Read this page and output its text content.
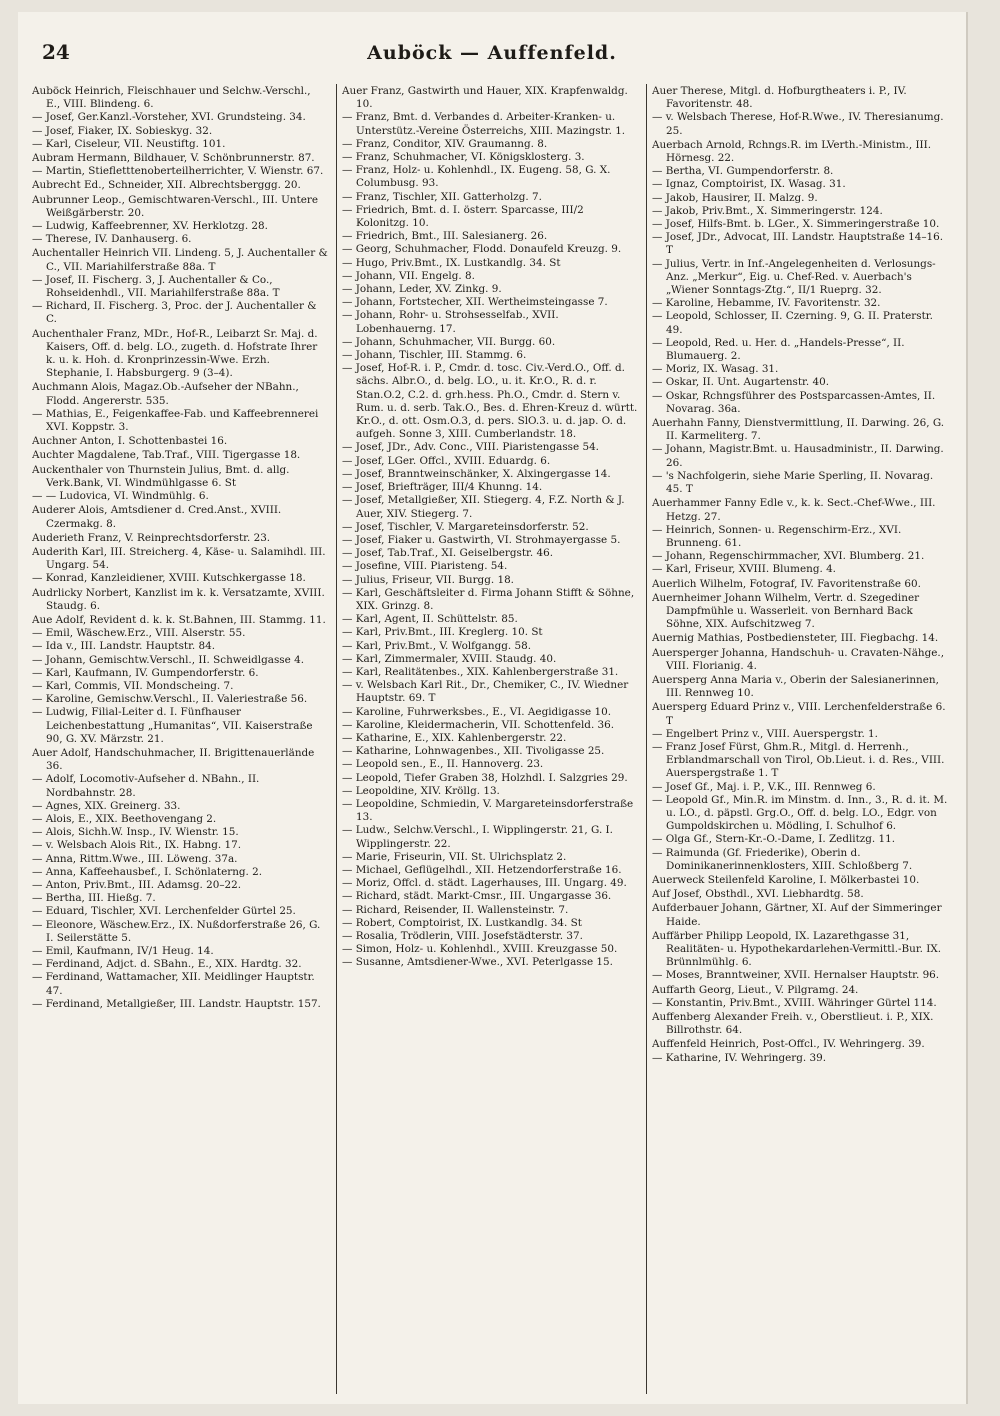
24	Auböck — Auffenfeld.

Auböck Heinrich, Fleischhauer und Selchw.-Verschl., E., VIII. Blindeng. 6.

— Josef, Ger.Kanzl.-Vorsteher, XVI. Grundsteing. 34.

— Josef, Fiaker, IX. Sobieskyg. 32.

— Karl, Ciseleur, VII. Neustiftg. 101.

Aubram Hermann, Bildhauer, V. Schönbrunnerstr. 87.

— Martin, Stiefletttenoberteilherrichter, V. Wienstr. 67.

Aubrecht Ed., Schneider, XII. Albrechtsberggg. 20.

Aubrunner Leop., Gemischtwaren-Verschl., III. Untere Weißgärberstr. 20.

— Ludwig, Kaffeebrenner, XV. Herklotzg. 28.

— Therese, IV. Danhauserg. 6.

Auchentaller Heinrich VII. Lindeng. 5, J. Auchentaller & C., VII. Mariahilferstraße 88a. T

— Josef, II. Fischerg. 3, J. Auchentaller & Co., Rohseidenhdl., VII. Mariahilferstraße 88a. T

— Richard, II. Fischerg. 3, Proc. der J. Auchentaller & C.

Auchenthaler Franz, MDr., Hof-R., Leibarzt Sr. Maj. d. Kaisers, Off. d. belg. LO., zugeth. d. Hofstrate Ihrer k. u. k. Hoh. d. Kronprinzessin-Wwe. Erzh. Stephanie, I. Habsburgerg. 9 (3–4).

Auchmann Alois, Magaz.Ob.-Aufseher der NBahn., Flodd. Angererstr. 535.

— Mathias, E., Feigenkaffee-Fab. und Kaffeebrennerei XVI. Koppstr. 3.

Auchner Anton, I. Schottenbastei 16.

Auchter Magdalene, Tab.Traf., VIII. Tigergasse 18.

Auckenthaler von Thurnstein Julius, Bmt. d. allg. Verk.Bank, VI. Windmühlgasse 6. St

— — Ludovica, VI. Windmühlg. 6.

Auderer Alois, Amtsdiener d. Cred.Anst., XVIII. Czermakg. 8.

Auderieth Franz, V. Reinprechtsdorferstr. 23.

Auderith Karl, III. Streicherg. 4, Käse- u. Salamihdl. III. Ungarg. 54.

— Konrad, Kanzleidiener, XVIII. Kutschkergasse 18.

Audrlicky Norbert, Kanzlist im k. k. Versatzamte, XVIII. Staudg. 6.

Aue Adolf, Revident d. k. k. St.Bahnen, III. Stammg. 11.

— Emil, Wäschew.Erz., VIII. Alserstr. 55.

— Ida v., III. Landstr. Hauptstr. 84.

— Johann, Gemischtw.Verschl., II. Schweidlgasse 4.

— Karl, Kaufmann, IV. Gumpendorferstr. 6.

— Karl, Commis, VII. Mondscheing. 7.

— Karoline, Gemischw.Verschl., II. Valeriestraße 56.

— Ludwig, Filial-Leiter d. I. Fünfhauser Leichenbestattung „Humanitas“, VII. Kaiserstraße 90, G. XV. Märzstr. 21.

Auer Adolf, Handschuhmacher, II. Brigittenauerlände 36.

— Adolf, Locomotiv-Aufseher d. NBahn., II. Nordbahnstr. 28.

— Agnes, XIX. Greinerg. 33.

— Alois, E., XIX. Beethovengang 2.

— Alois, Sichh.W. Insp., IV. Wienstr. 15.

— v. Welsbach Alois Rit., IX. Habng. 17.

— Anna, Rittm.Wwe., III. Löweng. 37a.

— Anna, Kaffeehausbef., I. Schönlaterng. 2.

— Anton, Priv.Bmt., III. Adamsg. 20–22.

— Bertha, III. Hießg. 7.

— Eduard, Tischler, XVI. Lerchenfelder Gürtel 25.

— Eleonore, Wäschew.Erz., IX. Nußdorferstraße 26, G. I. Seilerstätte 5.

— Emil, Kaufmann, IV/1 Heug. 14.

— Ferdinand, Adjct. d. SBahn., E., XIX. Hardtg. 32.

— Ferdinand, Wattamacher, XII. Meidlinger Hauptstr. 47.

— Ferdinand, Metallgießer, III. Landstr. Hauptstr. 157.

Auer Franz, Gastwirth und Hauer, XIX. Krapfenwaldg. 10.

— Franz, Bmt. d. Verbandes d. Arbeiter-Kranken- u. Unterstütz.-Vereine Österreichs, XIII. Mazingstr. 1.

— Franz, Conditor, XIV. Graumanng. 8.

— Franz, Schuhmacher, VI. Königsklosterg. 3.

— Franz, Holz- u. Kohlenhdl., IX. Eugeng. 58, G. X. Columbusg. 93.

— Franz, Tischler, XII. Gatterholzg. 7.

— Friedrich, Bmt. d. I. österr. Sparcasse, III/2 Kolonitzg. 10.

— Friedrich, Bmt., III. Salesianerg. 26.

— Georg, Schuhmacher, Flodd. Donaufeld Kreuzg. 9.

— Hugo, Priv.Bmt., IX. Lustkandlg. 34. St

— Johann, VII. Engelg. 8.

— Johann, Leder, XV. Zinkg. 9.

— Johann, Fortstecher, XII. Wertheimsteingasse 7.

— Johann, Rohr- u. Strohsesselfab., XVII. Lobenhauerng. 17.

— Johann, Schuhmacher, VII. Burgg. 60.

— Johann, Tischler, III. Stammg. 6.

— Josef, Hof-R. i. P., Cmdr. d. tosc. Civ.-Verd.O., Off. d. sächs. Albr.O., d. belg. LO., u. it. Kr.O., R. d. r. Stan.O.2, C.2. d. grh.hess. Ph.O., Cmdr. d. Stern v. Rum. u. d. serb. Tak.O., Bes. d. Ehren-Kreuz d. württ. Kr.O., d. ott. Osm.O.3, d. pers. SlO.3. u. d. jap. O. d. aufgeh. Sonne 3, XIII. Cumberlandstr. 18.

— Josef, JDr., Adv. Conc., VIII. Piaristengasse 54.

— Josef, LGer. Offcl., XVIII. Eduardg. 6.

— Josef, Branntweinschänker, X. Alxingergasse 14.

— Josef, Briefträger, III/4 Khunng. 14.

— Josef, Metallgießer, XII. Stiegerg. 4, F.Z. North & J. Auer, XIV. Stiegerg. 7.

— Josef, Tischler, V. Margareteinsdorferstr. 52.

— Josef, Fiaker u. Gastwirth, VI. Strohmayergasse 5.

— Josef, Tab.Traf., XI. Geiselbergstr. 46.

— Josefine, VIII. Piaristeng. 54.

— Julius, Friseur, VII. Burgg. 18.

— Karl, Geschäftsleiter d. Firma Johann Stifft & Söhne, XIX. Grinzg. 8.

— Karl, Agent, II. Schüttelstr. 85.

— Karl, Priv.Bmt., III. Kreglerg. 10. St

— Karl, Priv.Bmt., V. Wolfgangg. 58.

— Karl, Zimmermaler, XVIII. Staudg. 40.

— Karl, Realitätenbes., XIX. Kahlenbergerstraße 31.

— v. Welsbach Karl Rit., Dr., Chemiker, C., IV. Wiedner Hauptstr. 69. T

— Karoline, Fuhrwerksbes., E., VI. Aegidigasse 10.

— Karoline, Kleidermacherin, VII. Schottenfeld. 36.

— Katharine, E., XIX. Kahlenbergerstr. 22.

— Katharine, Lohnwagenbes., XII. Tivoligasse 25.

— Leopold sen., E., II. Hannoverg. 23.

— Leopold, Tiefer Graben 38, Holzhdl. I. Salzgries 29.

— Leopoldine, XIV. Kröllg. 13.

— Leopoldine, Schmiedin, V. Margareteinsdorferstraße 13.

— Ludw., Selchw.Verschl., I. Wipplingerstr. 21, G. I. Wipplingerstr. 22.

— Marie, Friseurin, VII. St. Ulrichsplatz 2.

— Michael, Geflügelhdl., XII. Hetzendorferstraße 16.

— Moriz, Offcl. d. städt. Lagerhauses, III. Ungarg. 49.

— Richard, städt. Markt-Cmsr., III. Ungargasse 36.

— Richard, Reisender, II. Wallensteinstr. 7.

— Robert, Comptoirist, IX. Lustkandlg. 34. St

— Rosalia, Trödlerin, VIII. Josefstädterstr. 37.

— Simon, Holz- u. Kohlenhdl., XVIII. Kreuzgasse 50.

— Susanne, Amtsdiener-Wwe., XVI. Peterlgasse 15.

Auer Therese, Mitgl. d. Hofburgtheaters i. P., IV. Favoritenstr. 48.

— v. Welsbach Therese, Hof-R.Wwe., IV. Theresianumg. 25.

Auerbach Arnold, Rchngs.R. im LVerth.-Ministm., III. Hörnesg. 22.

— Bertha, VI. Gumpendorferstr. 8.

— Ignaz, Comptoirist, IX. Wasag. 31.

— Jakob, Hausirer, II. Malzg. 9.

— Jakob, Priv.Bmt., X. Simmeringerstr. 124.

— Josef, Hilfs-Bmt. b. LGer., X. Simmeringerstraße 10.

— Josef, JDr., Advocat, III. Landstr. Hauptstraße 14–16. T

— Julius, Vertr. in Inf.-Angelegenheiten d. Verlosungs-Anz. „Merkur“, Eig. u. Chef-Red. v. Auerbach's „Wiener Sonntags-Ztg.“, II/1 Rueprg. 32.

— Karoline, Hebamme, IV. Favoritenstr. 32.

— Leopold, Schlosser, II. Czerning. 9, G. II. Praterstr. 49.

— Leopold, Red. u. Her. d. „Handels-Presse“, II. Blumauerg. 2.

— Moriz, IX. Wasag. 31.

— Oskar, II. Unt. Augartenstr. 40.

— Oskar, Rchngsführer des Postsparcassen-Amtes, II. Novarag. 36a.

Auerhahn Fanny, Dienstvermittlung, II. Darwing. 26, G. II. Karmeliterg. 7.

— Johann, Magistr.Bmt. u. Hausadministr., II. Darwing. 26.

— 's Nachfolgerin, siehe Marie Sperling, II. Novarag. 45. T

Auerhammer Fanny Edle v., k. k. Sect.-Chef-Wwe., III. Hetzg. 27.

— Heinrich, Sonnen- u. Regenschirm-Erz., XVI. Brunneng. 61.

— Johann, Regenschirmmacher, XVI. Blumberg. 21.

— Karl, Friseur, XVIII. Blumeng. 4.

Auerlich Wilhelm, Fotograf, IV. Favoritenstraße 60.

Auernheimer Johann Wilhelm, Vertr. d. Szegediner Dampfmühle u. Wasserleit. von Bernhard Back Söhne, XIX. Aufschitzweg 7.

Auernig Mathias, Postbediensteter, III. Fiegbachg. 14.

Auersperger Johanna, Handschuh- u. Cravaten-Nähge., VIII. Florianig. 4.

Auersperg Anna Maria v., Oberin der Salesianerinnen, III. Rennweg 10.

Auersperg Eduard Prinz v., VIII. Lerchenfelderstraße 6. T

— Engelbert Prinz v., VIII. Auerspergstr. 1.

— Franz Josef Fürst, Ghm.R., Mitgl. d. Herrenh., Erblandmarschall von Tirol, Ob.Lieut. i. d. Res., VIII. Auerspergstraße 1. T

— Josef Gf., Maj. i. P., V.K., III. Rennweg 6.

— Leopold Gf., Min.R. im Minstm. d. Inn., 3., R. d. it. M. u. LO., d. päpstl. Grg.O., Off. d. belg. LO., Edgr. von Gumpoldskirchen u. Mödling, I. Schulhof 6.

— Olga Gf., Stern-Kr.-O.-Dame, I. Zedlitzg. 11.

— Raimunda (Gf. Friederike), Oberin d. Dominikanerinnenklosters, XIII. Schloßberg 7.

Auerweck Steilenfeld Karoline, I. Mölkerbastei 10.

Auf Josef, Obsthdl., XVI. Liebhardtg. 58.

Aufderbauer Johann, Gärtner, XI. Auf der Simmeringer Haide.

Auffärber Philipp Leopold, IX. Lazarethgasse 31, Realitäten- u. Hypothekardarlehen-Vermittl.-Bur. IX. Brünnlmühlg. 6.

— Moses, Branntweiner, XVII. Hernalser Hauptstr. 96.

Auffarth Georg, Lieut., V. Pilgramg. 24.

— Konstantin, Priv.Bmt., XVIII. Währinger Gürtel 114.

Auffenberg Alexander Freih. v., Oberstlieut. i. P., XIX. Billrothstr. 64.

Auffenfeld Heinrich, Post-Offcl., IV. Wehringerg. 39.

— Katharine, IV. Wehringerg. 39.
